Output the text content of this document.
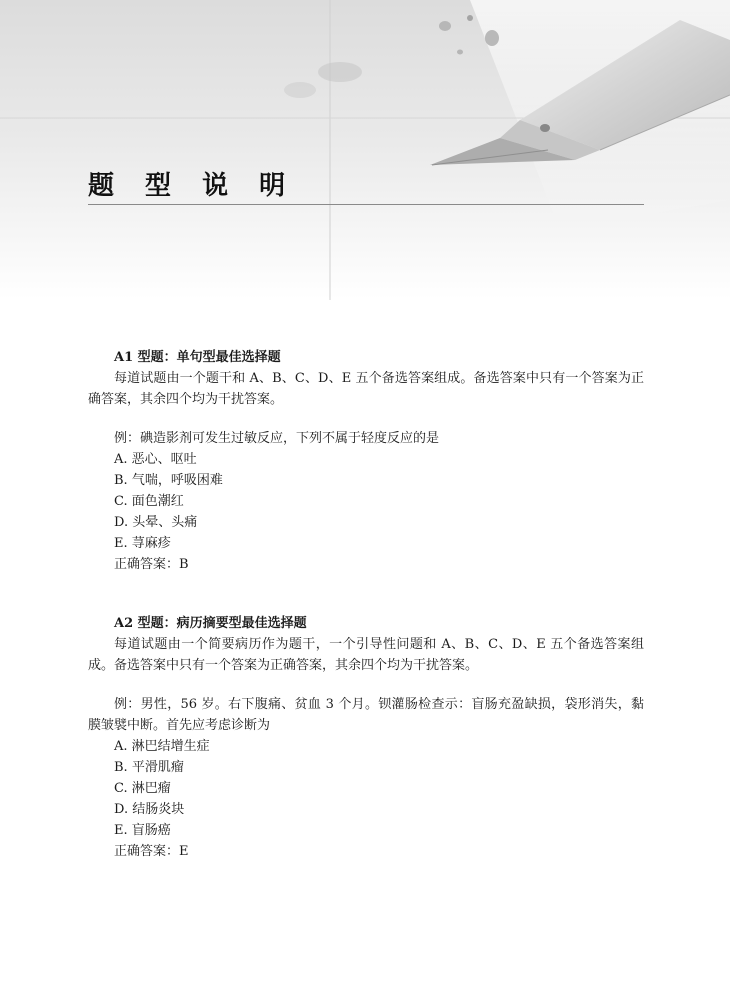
题 型 说 明

A1 型题：单句型最佳选择题

每道试题由一个题干和 A、B、C、D、E 五个备选答案组成。备选答案中只有一个答案为正确答案，其余四个均为干扰答案。

例：碘造影剂可发生过敏反应，下列不属于轻度反应的是

A. 恶心、呕吐

B. 气喘，呼吸困难

C. 面色潮红

D. 头晕、头痛

E. 荨麻疹

正确答案：B

A2 型题：病历摘要型最佳选择题

每道试题由一个简要病历作为题干，一个引导性问题和 A、B、C、D、E 五个备选答案组成。备选答案中只有一个答案为正确答案，其余四个均为干扰答案。

例：男性，56 岁。右下腹痛、贫血 3 个月。钡灌肠检查示：盲肠充盈缺损，袋形消失，黏膜皱襞中断。首先应考虑诊断为

A. 淋巴结增生症

B. 平滑肌瘤

C. 淋巴瘤

D. 结肠炎块

E. 盲肠癌

正确答案：E
